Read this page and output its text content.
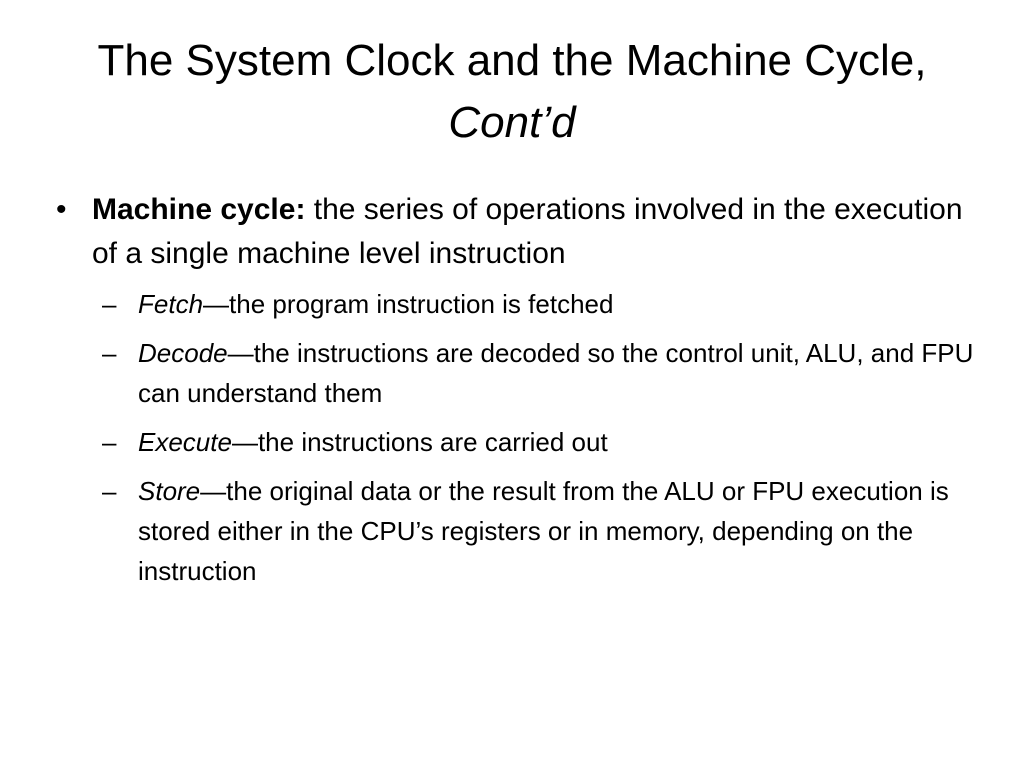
The System Clock and the Machine Cycle, Cont’d
• Machine cycle: the series of operations involved in the execution of a single machine level instruction
– Fetch—the program instruction is fetched
– Decode—the instructions are decoded so the control unit, ALU, and FPU can understand them
– Execute—the instructions are carried out
– Store—the original data or the result from the ALU or FPU execution is stored either in the CPU’s registers or in memory, depending on the instruction
